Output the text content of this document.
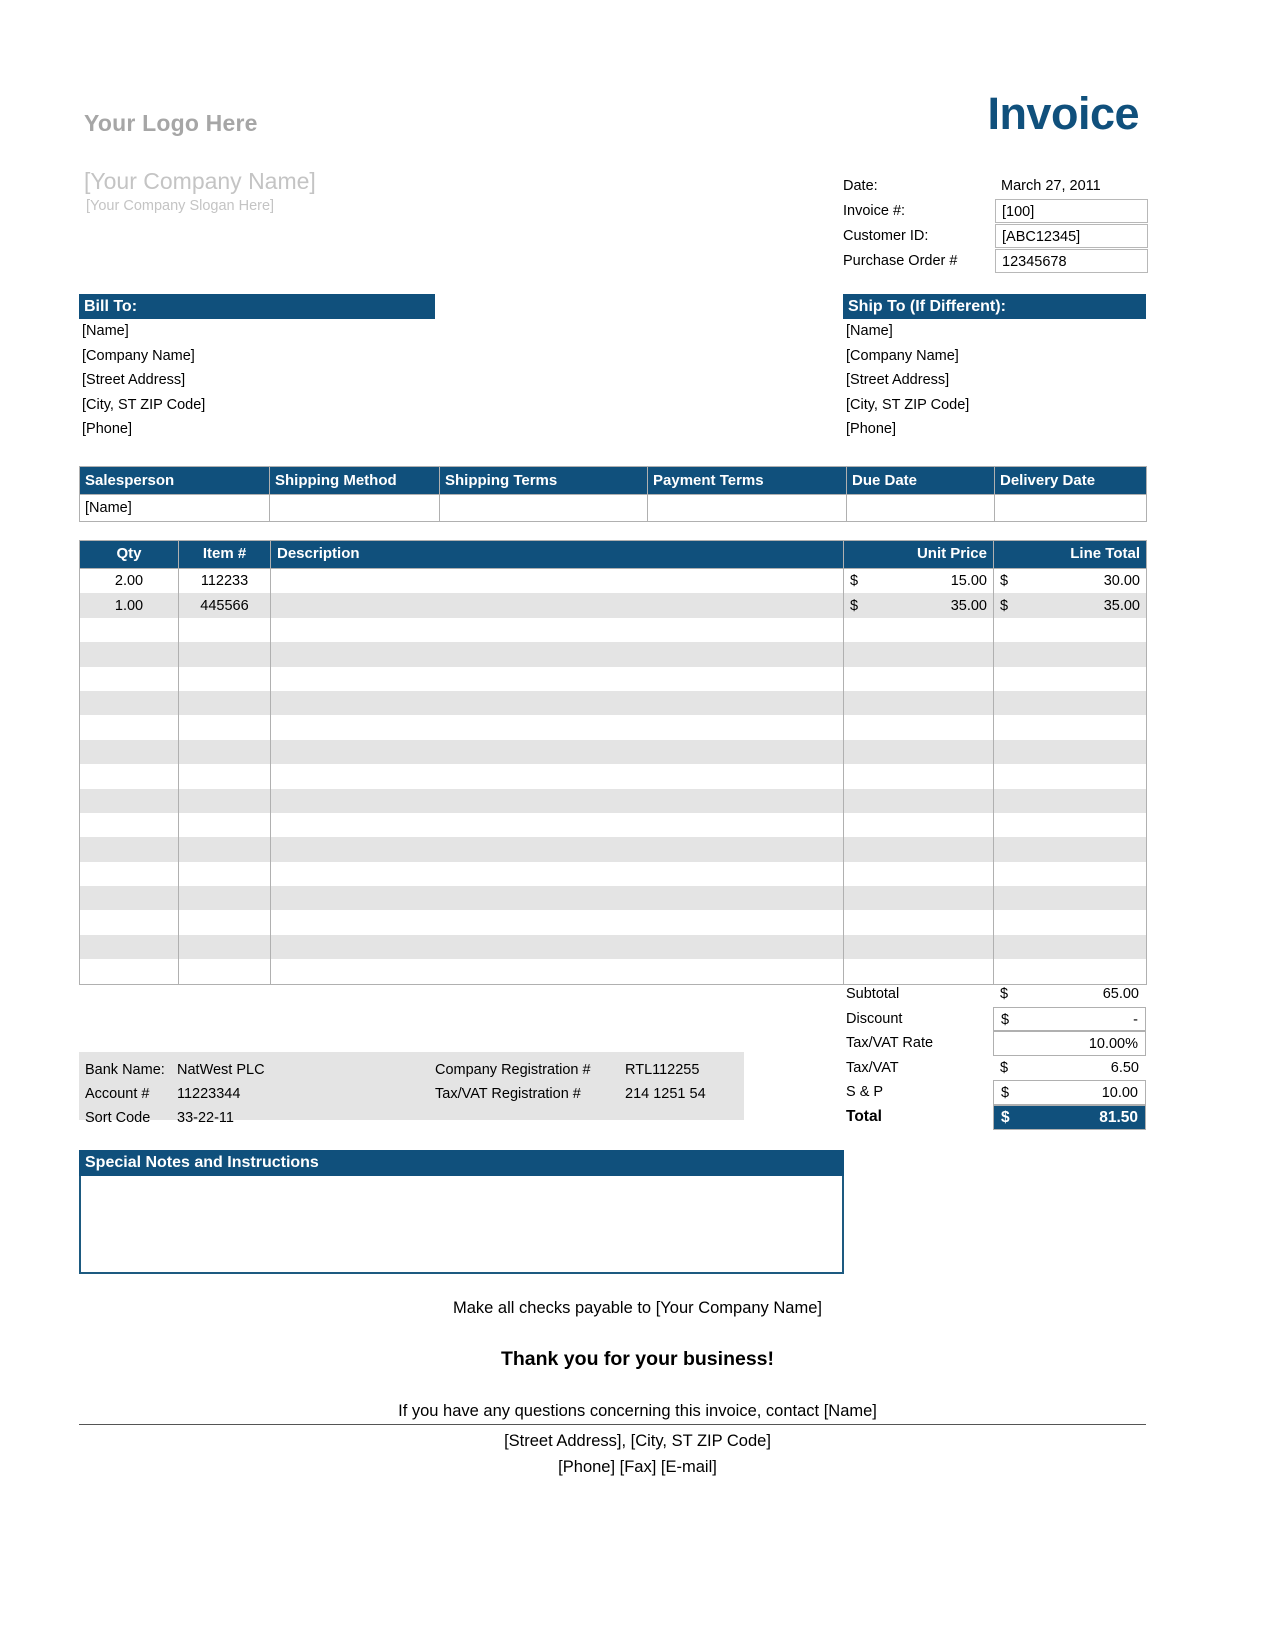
Your Logo Here
[Your Company Name]
[Your Company Slogan Here]
Invoice
Date:	March 27, 2011
Invoice #:	[100]
Customer ID:	[ABC12345]
Purchase Order #	12345678
Bill To:
[Name]
[Company Name]
[Street Address]
[City, ST ZIP Code]
[Phone]
Ship To (If Different):
[Name]
[Company Name]
[Street Address]
[City, ST ZIP Code]
[Phone]
Salesperson	Shipping Method	Shipping Terms	Payment Terms	Due Date	Delivery Date
[Name]					
Qty	Item #	Description	Unit Price	Line Total
2.00	112233		$ 15.00	$ 30.00

1.00	445566		$ 35.00	$ 35.00

Subtotal	$	65.00
Discount	$	-
Tax/VAT Rate	10.00%
Tax/VAT	$	6.50
S & P	$	10.00
Total	$	81.50
Bank Name: NatWest PLC	Company Registration #	RTL112255
Account #	11223344	Tax/VAT Registration #	214 1251 54
Sort Code	33-22-11
Special Notes and Instructions
Make all checks payable to [Your Company Name]
Thank you for your business!
If you have any questions concerning this invoice, contact [Name]
[Street Address], [City, ST ZIP Code]
[Phone] [Fax] [E-mail]
